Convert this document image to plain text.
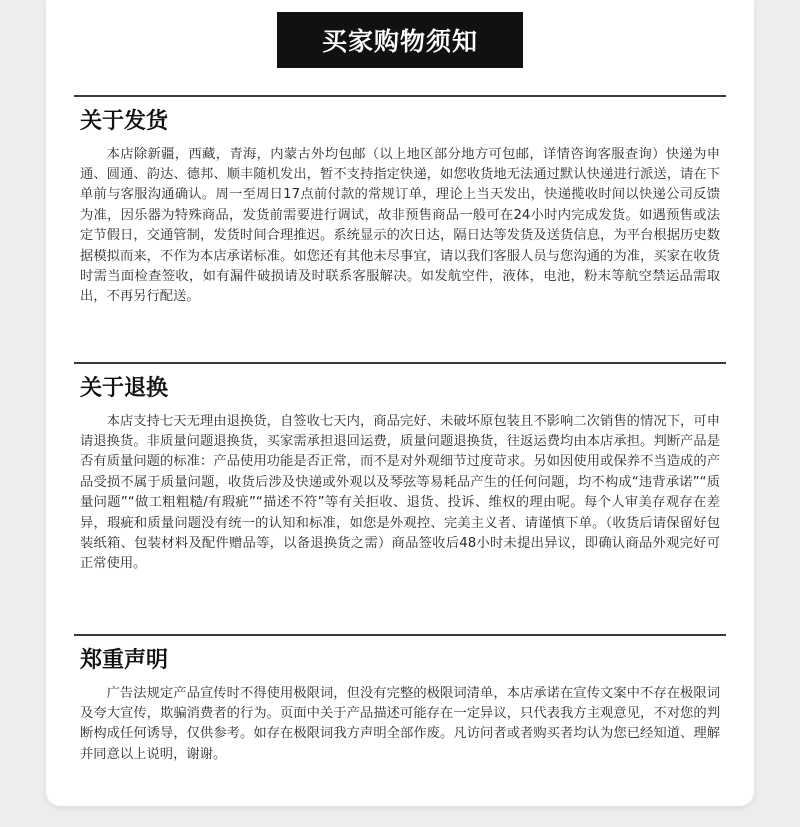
买家购物须知
关于发货

本店除新疆，西藏，青海，内蒙古外均包邮（以上地区部分地方可包邮，详情咨询客服查询）快递为申通、圆通、韵达、德邦、顺丰随机发出，暂不支持指定快递，如您收货地无法通过默认快递进行派送，请在下单前与客服沟通确认。周一至周日17点前付款的常规订单，理论上当天发出，快递揽收时间以快递公司反馈为准，因乐器为特殊商品，发货前需要进行调试，故非预售商品一般可在24小时内完成发货。如遇预售或法定节假日，交通管制，发货时间合理推迟。系统显示的次日达，隔日达等发货及送货信息，为平台根据历史数据模拟而来，不作为本店承诺标准。如您还有其他未尽事宜，请以我们客服人员与您沟通的为准，买家在收货时需当面检查签收，如有漏件破损请及时联系客服解决。如发航空件，液体，电池，粉末等航空禁运品需取出，不再另行配送。

关于退换

本店支持七天无理由退换货，自签收七天内，商品完好、未破坏原包装且不影响二次销售的情况下，可申请退换货。非质量问题退换货，买家需承担退回运费，质量问题退换货，往返运费均由本店承担。判断产品是否有质量问题的标准：产品使用功能是否正常，而不是对外观细节过度苛求。另如因使用或保养不当造成的产品受损不属于质量问题，收货后涉及快递或外观以及琴弦等易耗品产生的任何问题，均不构成“违背承诺”“质量问题”“做工粗粗糙/有瑕疵”“描述不符”等有关拒收、退货、投诉、维权的理由呢。每个人审美存观存在差异，瑕疵和质量问题没有统一的认知和标准，如您是外观控、完美主义者、请谨慎下单。（收货后请保留好包装纸箱、包装材料及配件赠品等，以备退换货之需）商品签收后48小时未提出异议，即确认商品外观完好可正常使用。

郑重声明

广告法规定产品宣传时不得使用极限词，但没有完整的极限词清单，本店承诺在宣传文案中不存在极限词及夸大宣传，欺骗消费者的行为。页面中关于产品描述可能存在一定异议，只代表我方主观意见，不对您的判断构成任何诱导，仅供参考。如存在极限词我方声明全部作废。凡访问者或者购买者均认为您已经知道、理解并同意以上说明，谢谢。
